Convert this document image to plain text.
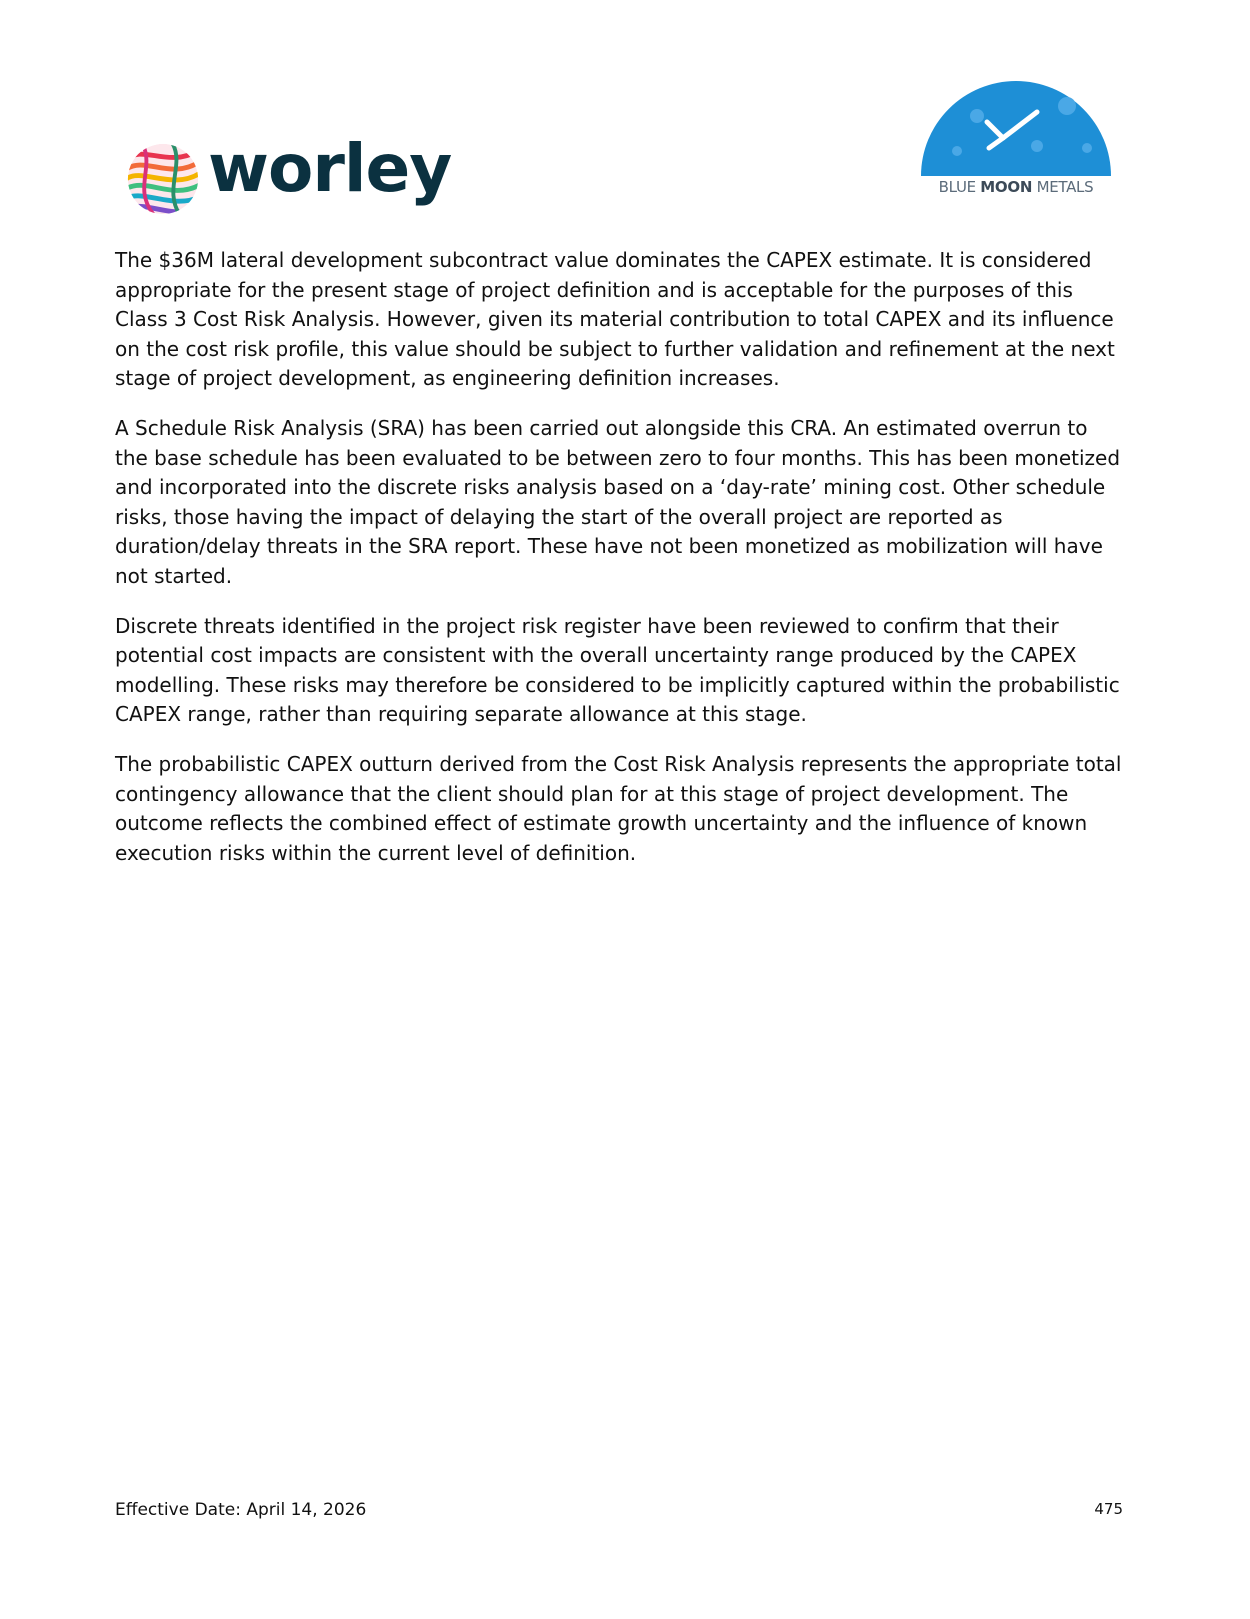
worley	BLUE MOON METALS

The $36M lateral development subcontract value dominates the CAPEX estimate. It is considered appropriate for the present stage of project definition and is acceptable for the purposes of this Class 3 Cost Risk Analysis. However, given its material contribution to total CAPEX and its influence on the cost risk profile, this value should be subject to further validation and refinement at the next stage of project development, as engineering definition increases.

A Schedule Risk Analysis (SRA) has been carried out alongside this CRA. An estimated overrun to the base schedule has been evaluated to be between zero to four months. This has been monetized and incorporated into the discrete risks analysis based on a ‘day-rate’ mining cost. Other schedule risks, those having the impact of delaying the start of the overall project are reported as duration/delay threats in the SRA report. These have not been monetized as mobilization will have not started.

Discrete threats identified in the project risk register have been reviewed to confirm that their potential cost impacts are consistent with the overall uncertainty range produced by the CAPEX modelling. These risks may therefore be considered to be implicitly captured within the probabilistic CAPEX range, rather than requiring separate allowance at this stage.

The probabilistic CAPEX outturn derived from the Cost Risk Analysis represents the appropriate total contingency allowance that the client should plan for at this stage of project development. The outcome reflects the combined effect of estimate growth uncertainty and the influence of known execution risks within the current level of definition.

Effective Date: April 14, 2026	475
